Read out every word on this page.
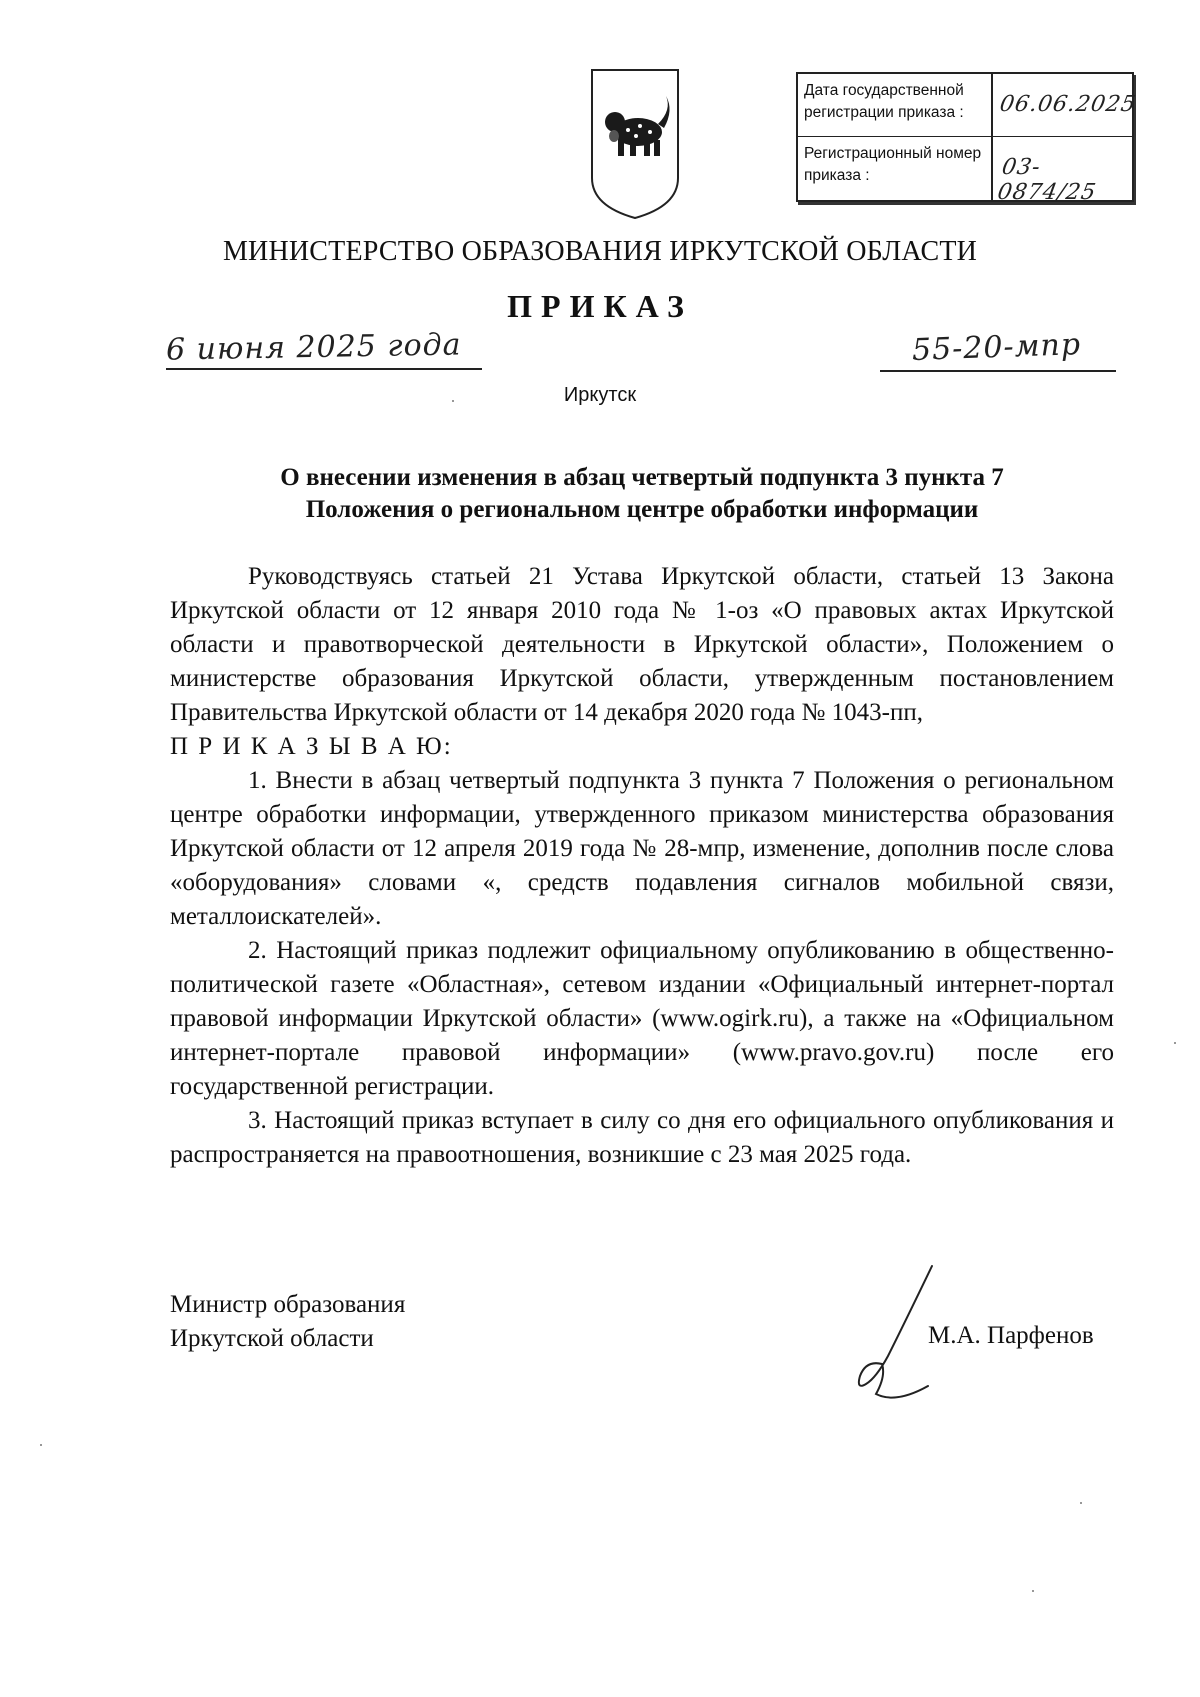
Дата государственной регистрации приказа :	06.06.2025
Регистрационный номер приказа :	03-0874/25
МИНИСТЕРСТВО ОБРАЗОВАНИЯ ИРКУТСКОЙ ОБЛАСТИ
ПРИКАЗ
6 июня 2025 года	55-20-мпр
Иркутск
О внесении изменения в абзац четвертый подпункта 3 пункта 7
Положения о региональном центре обработки информации

Руководствуясь статьей 21 Устава Иркутской области, статьей 13 Закона Иркутской области от 12 января 2010 года № 1-оз «О правовых актах Иркутской области и правотворческой деятельности в Иркутской области», Положением о министерстве образования Иркутской области, утвержденным постановлением Правительства Иркутской области от 14 декабря 2020 года № 1043-пп,

П Р И К А З Ы В А Ю:

1. Внести в абзац четвертый подпункта 3 пункта 7 Положения о региональном центре обработки информации, утвержденного приказом министерства образования Иркутской области от 12 апреля 2019 года № 28-мпр, изменение, дополнив после слова «оборудования» словами «, средств подавления сигналов мобильной связи, металлоискателей».

2. Настоящий приказ подлежит официальному опубликованию в общественно-политической газете «Областная», сетевом издании «Официальный интернет-портал правовой информации Иркутской области» (www.ogirk.ru), а также на «Официальном интернет-портале правовой информации» (www.pravo.gov.ru) после его государственной регистрации.

3. Настоящий приказ вступает в силу со дня его официального опубликования и распространяется на правоотношения, возникшие с 23 мая 2025 года.

Министр образования
Иркутской области	М.А. Парфенов
